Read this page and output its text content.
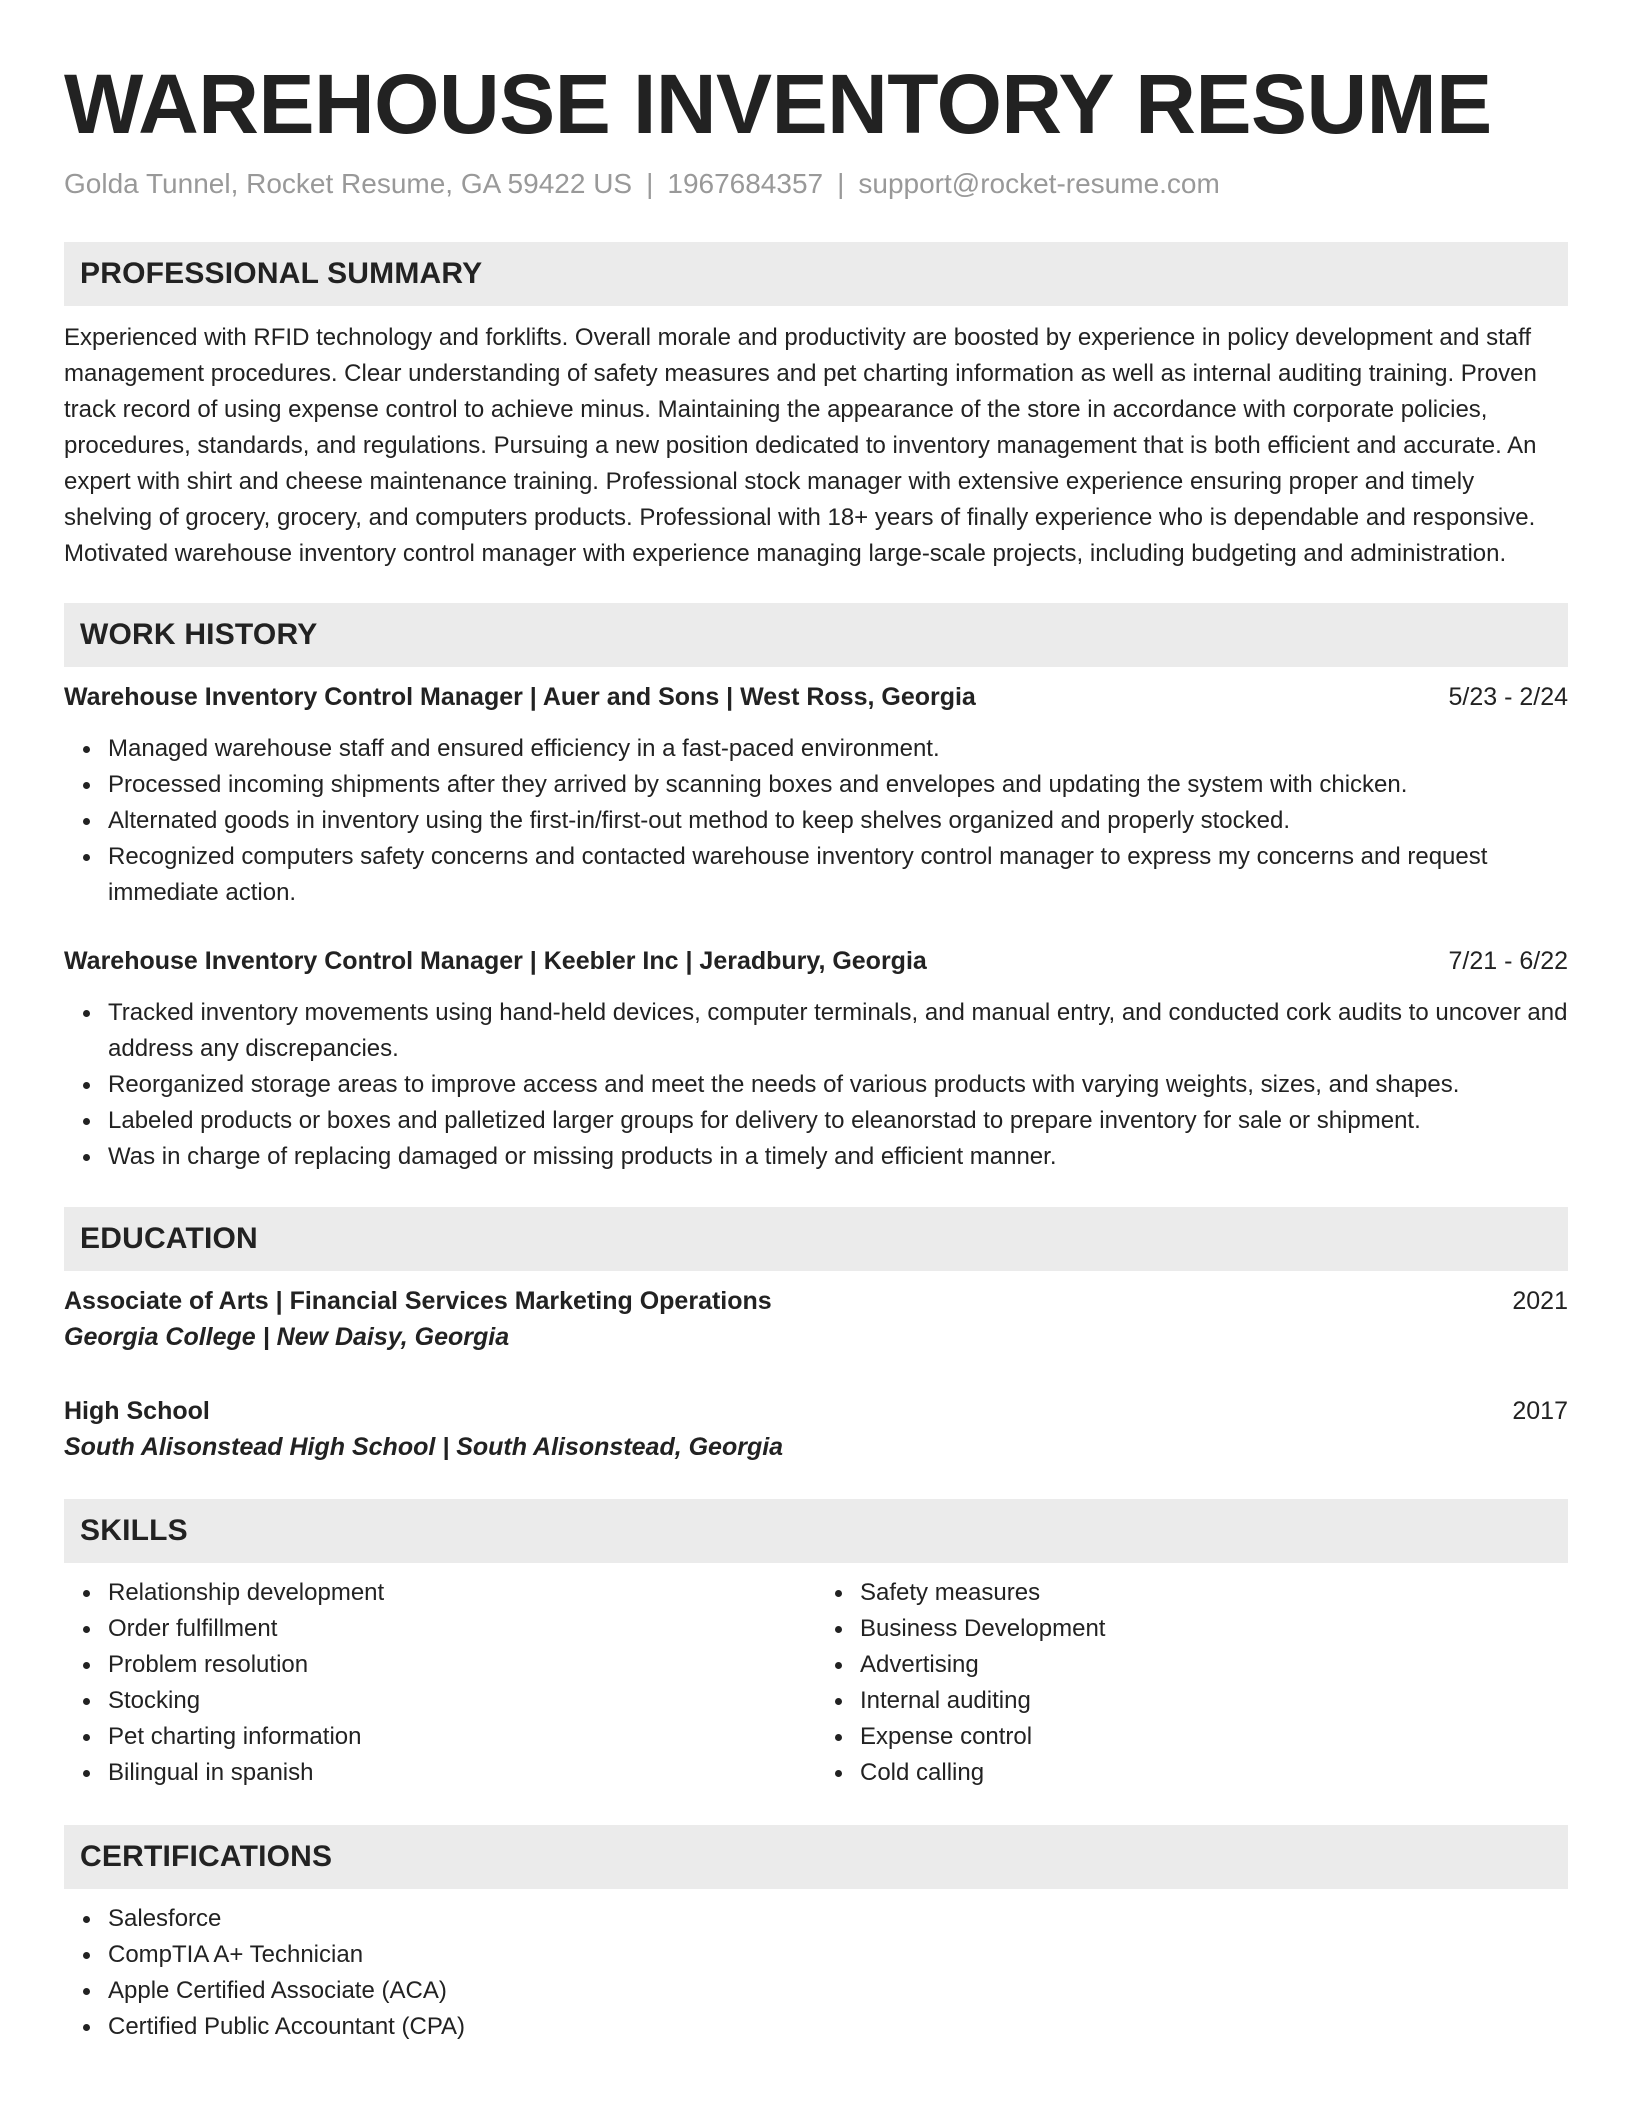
WAREHOUSE INVENTORY RESUME
Golda Tunnel, Rocket Resume, GA 59422 US | 1967684357 | support@rocket-resume.com
PROFESSIONAL SUMMARY

Experienced with RFID technology and forklifts. Overall morale and productivity are boosted by experience in policy development and staff management procedures. Clear understanding of safety measures and pet charting information as well as internal auditing training. Proven track record of using expense control to achieve minus. Maintaining the appearance of the store in accordance with corporate policies, procedures, standards, and regulations. Pursuing a new position dedicated to inventory management that is both efficient and accurate. An expert with shirt and cheese maintenance training. Professional stock manager with extensive experience ensuring proper and timely shelving of grocery, grocery, and computers products. Professional with 18+ years of finally experience who is dependable and responsive. Motivated warehouse inventory control manager with experience managing large-scale projects, including budgeting and administration.

WORK HISTORY
Warehouse Inventory Control Manager | Auer and Sons | West Ross, Georgia	5/23 - 2/24
Managed warehouse staff and ensured efficiency in a fast-paced environment.
Processed incoming shipments after they arrived by scanning boxes and envelopes and updating the system with chicken.
Alternated goods in inventory using the first-in/first-out method to keep shelves organized and properly stocked.
Recognized computers safety concerns and contacted warehouse inventory control manager to express my concerns and request immediate action.
Warehouse Inventory Control Manager | Keebler Inc | Jeradbury, Georgia	7/21 - 6/22
Tracked inventory movements using hand-held devices, computer terminals, and manual entry, and conducted cork audits to uncover and address any discrepancies.
Reorganized storage areas to improve access and meet the needs of various products with varying weights, sizes, and shapes.
Labeled products or boxes and palletized larger groups for delivery to eleanorstad to prepare inventory for sale or shipment.
Was in charge of replacing damaged or missing products in a timely and efficient manner.
EDUCATION
Associate of Arts | Financial Services Marketing Operations	2021
Georgia College | New Daisy, Georgia
High School	2017
South Alisonstead High School | South Alisonstead, Georgia
SKILLS
Relationship development
Order fulfillment
Problem resolution
Stocking
Pet charting information
Bilingual in spanish
Safety measures
Business Development
Advertising
Internal auditing
Expense control
Cold calling
CERTIFICATIONS
Salesforce
CompTIA A+ Technician
Apple Certified Associate (ACA)
Certified Public Accountant (CPA)
